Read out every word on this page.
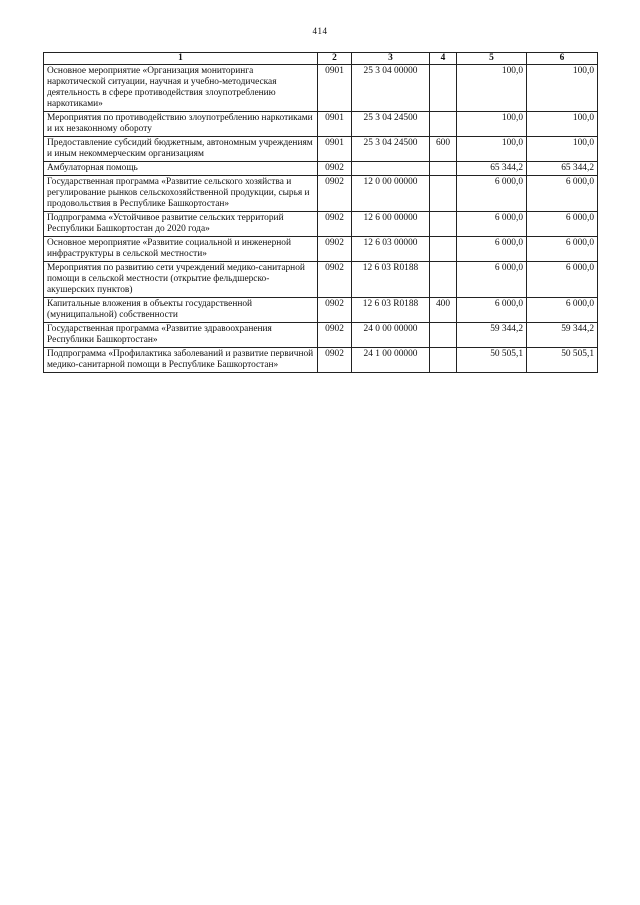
414
1	2	3	4	5	6
Основное мероприятие «Организация мониторинга наркотической ситуации, научная и учебно-методическая деятельность в сфере противодействия злоупотреблению наркотиками»	0901	25 3 04 00000		100,0	100,0
Мероприятия по противодействию злоупотреблению наркотиками и их незаконному обороту	0901	25 3 04 24500		100,0	100,0
Предоставление субсидий бюджетным, автономным учреждениям и иным некоммерческим организациям	0901	25 3 04 24500	600	100,0	100,0
Амбулаторная помощь	0902			65 344,2	65 344,2
Государственная программа «Развитие сельского хозяйства и регулирование рынков сельскохозяйственной продукции, сырья и продовольствия в Республике Башкортостан»	0902	12 0 00 00000		6 000,0	6 000,0
Подпрограмма «Устойчивое развитие сельских территорий Республики Башкортостан до 2020 года»	0902	12 6 00 00000		6 000,0	6 000,0
Основное мероприятие «Развитие социальной и инженерной инфраструктуры в сельской местности»	0902	12 6 03 00000		6 000,0	6 000,0
Мероприятия по развитию сети учреждений медико-санитарной помощи в сельской местности (открытие фельдшерско-акушерских пунктов)	0902	12 6 03 R0188		6 000,0	6 000,0
Капитальные вложения в объекты государственной (муниципальной) собственности	0902	12 6 03 R0188	400	6 000,0	6 000,0
Государственная программа «Развитие здравоохранения Республики Башкортостан»	0902	24 0 00 00000		59 344,2	59 344,2
Подпрограмма «Профилактика заболеваний и развитие первичной медико-санитарной помощи в Республике Башкортостан»	0902	24 1 00 00000		50 505,1	50 505,1
